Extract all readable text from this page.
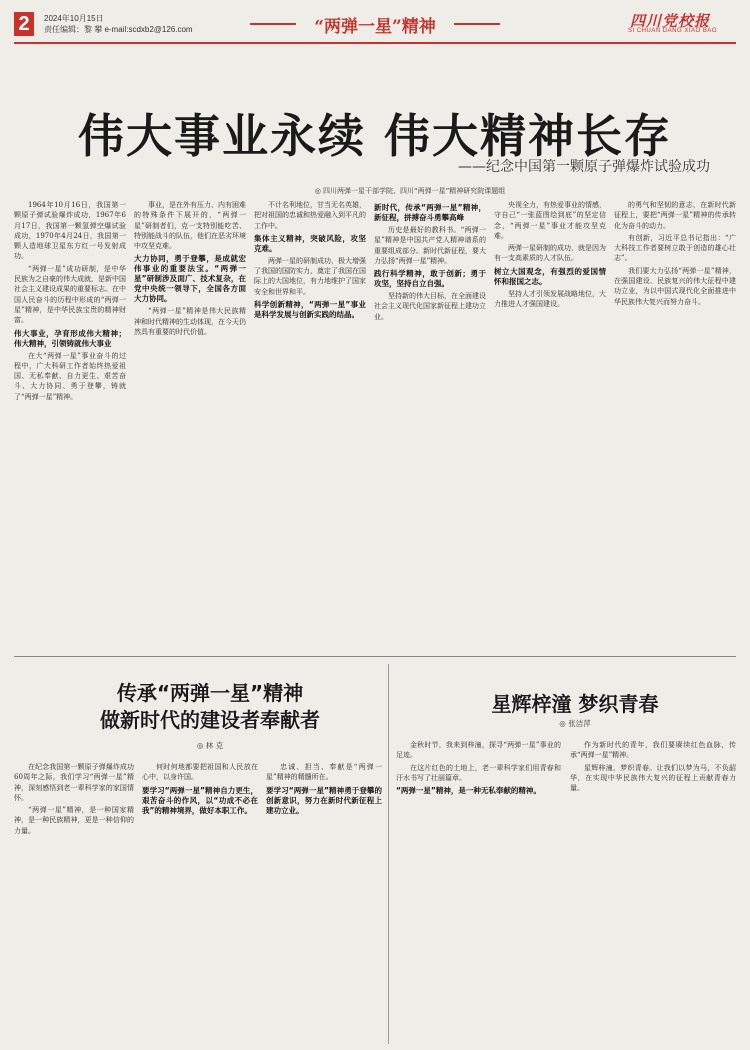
2	2024年10月15日
责任编辑：黎 攀 e-mail:scdxb2@126.com	“两弹一星”精神	四川党校报
SI CHUAN DANG XIAO BAO
伟大事业永续 伟大精神长存
——纪念中国第一颗原子弹爆炸试验成功
◎ 四川两弹一星干部学院、四川“两弹一星”精神研究院课题组

1964年10月16日，我国第一颗原子弹试验爆炸成功，1967年6月17日，我国第一颗氢弹空爆试验成功，1970年4月24日，我国第一颗人造地球卫星东方红一号发射成功。

“两弹一星”成功研制，是中华民族为之自豪的伟大成就，是新中国社会主义建设成果的重要标志。在中国人民奋斗的历程中形成的“两弹一星”精神，是中华民族宝贵的精神财富。

伟大事业，孕育形成伟大精神；伟大精神，引领铸就伟大事业

在大“两弹一星”事业奋斗的过程中，广大科研工作者始终热爱祖国、无私奉献、自力更生、艰苦奋斗、大力协同、勇于登攀，铸就了“两弹一星”精神。

事业，是在外有压力、内有困难的特殊条件下展开的，“两弹一星”研制者们，克一支特别能吃苦、特别能战斗的队伍，他们在恶劣环境中攻坚克难。

大力协同，勇于登攀，是成就宏伟事业的重要法宝。“两弹一星”研制涉及面广、技术复杂，在党中央统一领导下，全国各方面大力协同。

“两弹一星”精神是伟大民族精神和时代精神的生动体现，在今天仍然具有重要的时代价值。

不计名利地位，甘当无名英雄，把对祖国的忠诚和热爱融入到平凡的工作中。

集体主义精神，突破风险，攻坚克难。

两弹一星的研制成功，极大增强了我国的国防实力，奠定了我国在国际上的大国地位，有力地维护了国家安全和世界和平。

科学创新精神，“两弹一星”事业是科学发展与创新实践的结晶。
新时代，传承“两弹一星”精神，新征程，拼搏奋斗勇攀高峰

历史是最好的教科书。“两弹一星”精神是中国共产党人精神谱系的重要组成部分。新时代新征程，要大力弘扬“两弹一星”精神。

践行科学精神，敢于创新；勇于攻坚，坚持自立自强。

坚持新的伟大目标，在全面建设社会主义现代化国家新征程上建功立业。

央视全力，有热爱事业的情感，守自己“一张蓝图绘到底”的坚定信念，“两弹一星”事业才能攻坚克难。

两弹一星研制的成功，就是因为有一支高素质的人才队伍。

树立大国观念，有强烈的爱国情怀和报国之志。

坚持人才引领发展战略地位，大力推进人才强国建设。

的勇气和坚韧的意志，在新时代新征程上，要把“两弹一星”精神的传承转化为奋斗的动力。

有创新，习近平总书记指出：“广大科技工作者要树立敢于创造的雄心壮志”。

我们要大力弘扬“两弹一星”精神，在强国建设、民族复兴的伟大征程中建功立业，为以中国式现代化全面推进中华民族伟大复兴而努力奋斗。

传承“两弹一星”精神
做新时代的建设者奉献者
◎ 林 克

在纪念我国第一颗原子弹爆炸成功60周年之际，我们学习“两弹一星”精神，深刻感悟到老一辈科学家的家国情怀。

“两弹一星”精神，是一种国家精神，是一种民族精神，更是一种信仰的力量。

何时何地都要把祖国和人民放在心中，以身许国。

要学习“两弹一星”精神自力更生，艰苦奋斗的作风，以“功成不必在我”的精神境界，做好本职工作。

忠诚、担当、奉献是“两弹一星”精神的精髓所在。

要学习“两弹一星”精神勇于登攀的创新意识，努力在新时代新征程上建功立业。
星辉梓潼 梦织青春
◎ 张洁萍

金秋时节，我来到梓潼，探寻“两弹一星”事业的足迹。

在这片红色的土地上，老一辈科学家们用青春和汗水书写了壮丽篇章。

“两弹一星”精神，是一种无私奉献的精神。

作为新时代的青年，我们要赓续红色血脉，传承“两弹一星”精神。

星辉梓潼，梦织青春。让我们以梦为马，不负韶华，在实现中华民族伟大复兴的征程上贡献青春力量。
